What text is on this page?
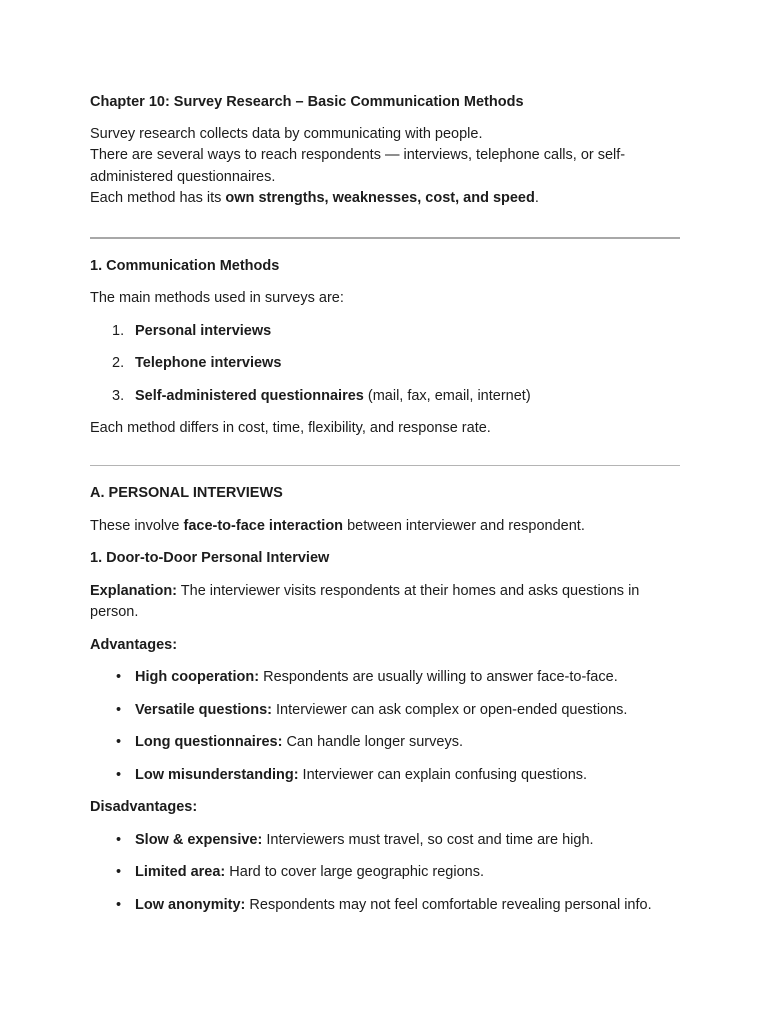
Chapter 10: Survey Research – Basic Communication Methods

Survey research collects data by communicating with people.

There are several ways to reach respondents — interviews, telephone calls, or self-administered questionnaires.

Each method has its own strengths, weaknesses, cost, and speed.

1. Communication Methods

The main methods used in surveys are:

1. Personal interviews
2. Telephone interviews
3. Self-administered questionnaires (mail, fax, email, internet)

Each method differs in cost, time, flexibility, and response rate.

A. PERSONAL INTERVIEWS

These involve face-to-face interaction between interviewer and respondent.

1. Door-to-Door Personal Interview

Explanation: The interviewer visits respondents at their homes and asks questions in person.

Advantages:

• High cooperation: Respondents are usually willing to answer face-to-face.
• Versatile questions: Interviewer can ask complex or open-ended questions.
• Long questionnaires: Can handle longer surveys.
• Low misunderstanding: Interviewer can explain confusing questions.

Disadvantages:

• Slow & expensive: Interviewers must travel, so cost and time are high.
• Limited area: Hard to cover large geographic regions.
• Low anonymity: Respondents may not feel comfortable revealing personal info.
